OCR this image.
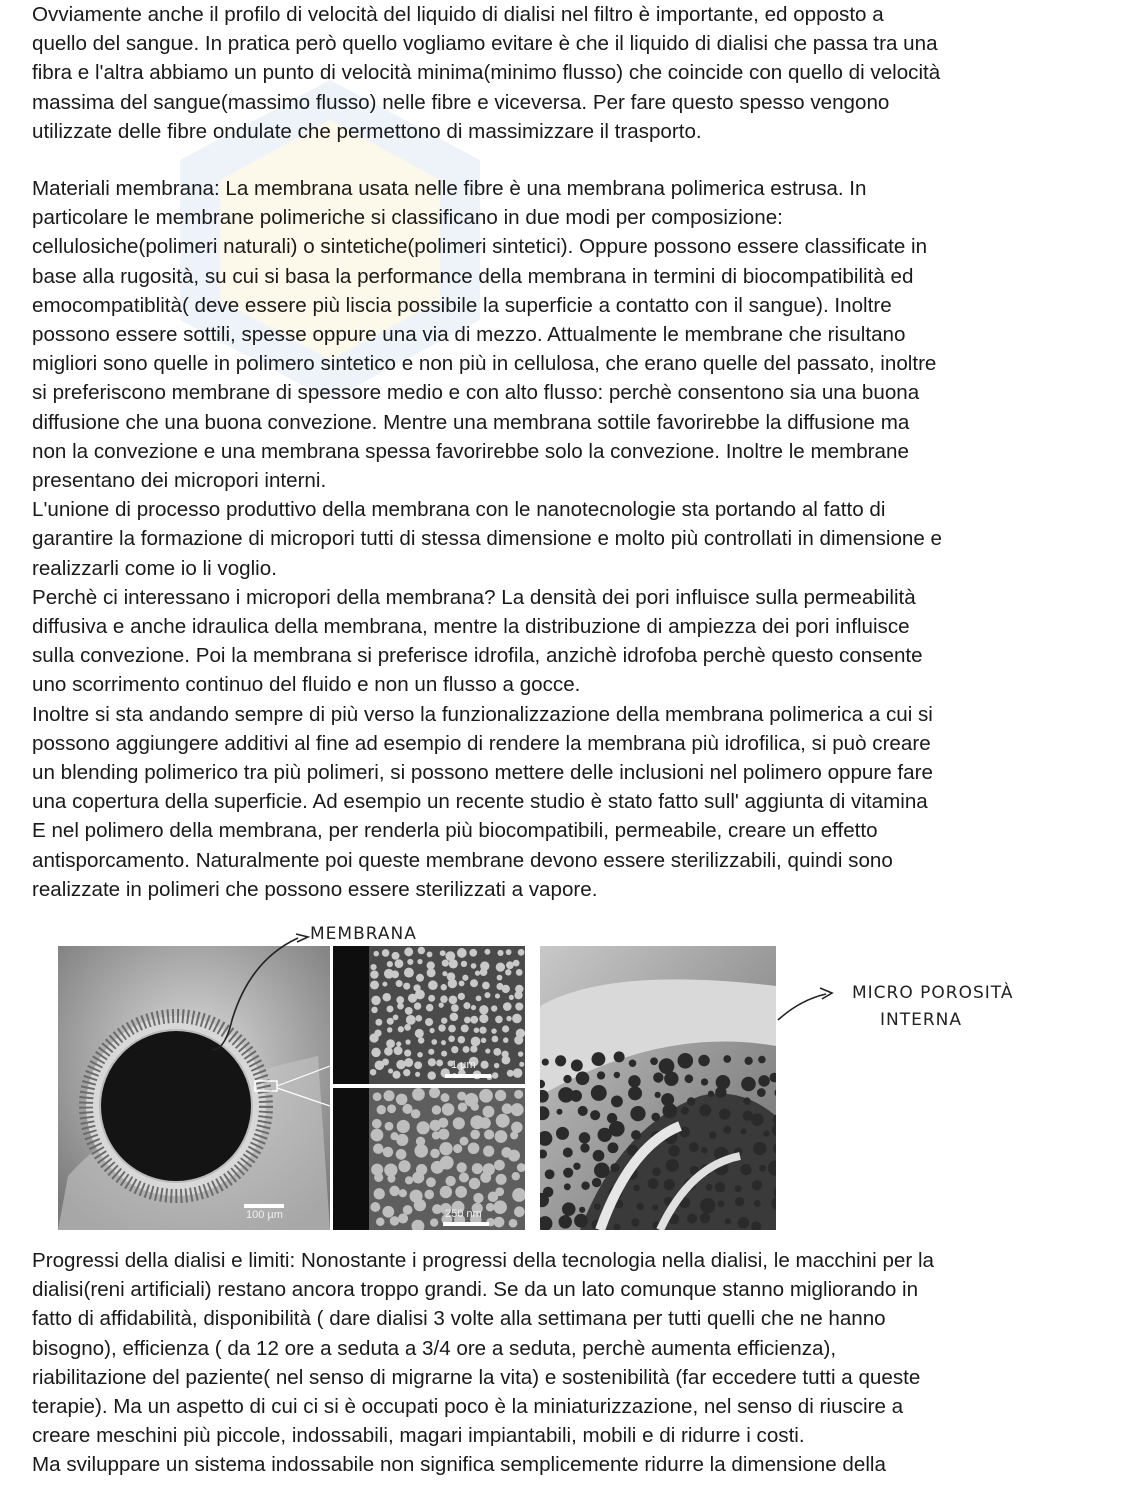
Ovviamente anche il profilo di velocità del liquido di dialisi nel filtro è importante, ed opposto a
quello del sangue. In pratica però quello vogliamo evitare è che il liquido di dialisi che passa tra una
fibra e l'altra abbiamo un punto di velocità minima(minimo flusso) che coincide con quello di velocità
massima del sangue(massimo flusso) nelle fibre e viceversa. Per fare questo spesso vengono
utilizzate delle fibre ondulate che permettono di massimizzare il trasporto.
Materiali membrana: La membrana usata nelle fibre è una membrana polimerica estrusa. In
particolare le membrane polimeriche si classificano in due modi per composizione:
cellulosiche(polimeri naturali) o sintetiche(polimeri sintetici). Oppure possono essere classificate in
base alla rugosità, su cui si basa la performance della membrana in termini di biocompatibilità ed
emocompatiblità( deve essere più liscia possibile la superficie a contatto con il sangue). Inoltre
possono essere sottili, spesse oppure una via di mezzo. Attualmente le membrane che risultano
migliori sono quelle in polimero sintetico e non più in cellulosa, che erano quelle del passato, inoltre
si preferiscono membrane di spessore medio e con alto flusso: perchè consentono sia una buona
diffusione che una buona convezione. Mentre una membrana sottile favorirebbe la diffusione ma
non la convezione e una membrana spessa favorirebbe solo la convezione. Inoltre le membrane
presentano dei micropori interni.
L'unione di processo produttivo della membrana con le nanotecnologie sta portando al fatto di
garantire la formazione di micropori tutti di stessa dimensione e molto più controllati in dimensione e
realizzarli come io li voglio.
Perchè ci interessano i micropori della membrana? La densità dei pori influisce sulla permeabilità
diffusiva e anche idraulica della membrana, mentre la distribuzione di ampiezza dei pori influisce
sulla convezione. Poi la membrana si preferisce idrofila, anzichè idrofoba perchè questo consente
uno scorrimento continuo del fluido e non un flusso a gocce.
Inoltre si sta andando sempre di più verso la funzionalizzazione della membrana polimerica a cui si
possono aggiungere additivi al fine ad esempio di rendere la membrana più idrofilica, si può creare
un blending polimerico tra più polimeri, si possono mettere delle inclusioni nel polimero oppure fare
una copertura della superficie. Ad esempio un recente studio è stato fatto sull' aggiunta di vitamina
E nel polimero della membrana, per renderla più biocompatibili, permeabile, creare un effetto
antisporcamento. Naturalmente poi queste membrane devono essere sterilizzabili, quindi sono
realizzate in polimeri che possono essere sterilizzati a vapore.
100 µm
1 µm
250 nm
MEMBRANA
MICRO POROSITÀ
INTERNA
Progressi della dialisi e limiti: Nonostante i progressi della tecnologia nella dialisi, le macchini per la
dialisi(reni artificiali) restano ancora troppo grandi. Se da un lato comunque stanno migliorando in
fatto di affidabilità, disponibilità ( dare dialisi 3 volte alla settimana per tutti quelli che ne hanno
bisogno), efficienza ( da 12 ore a seduta a 3/4 ore a seduta, perchè aumenta efficienza),
riabilitazione del paziente( nel senso di migrarne la vita) e sostenibilità (far eccedere tutti a queste
terapie). Ma un aspetto di cui ci si è occupati poco è la miniaturizzazione, nel senso di riuscire a
creare meschini più piccole, indossabili, magari impiantabili, mobili e di ridurre i costi.
Ma sviluppare un sistema indossabile non significa semplicemente ridurre la dimensione della
